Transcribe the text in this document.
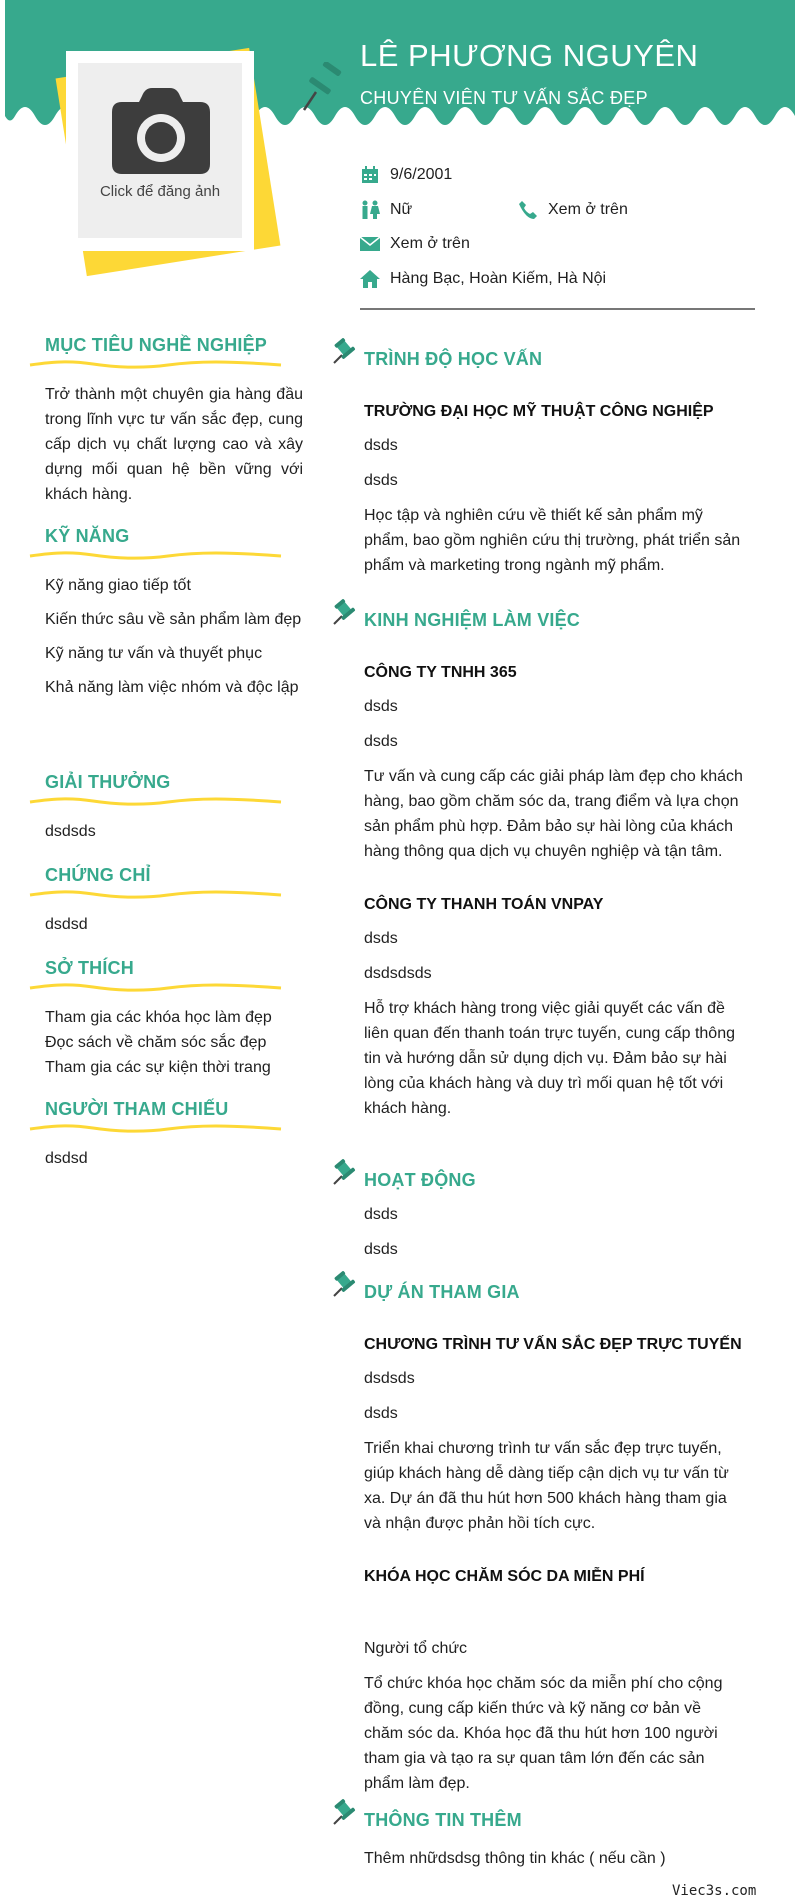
LÊ PHƯƠNG NGUYÊN
CHUYÊN VIÊN TƯ VẤN SẮC ĐẸP
Click để đăng ảnh
9/6/2001
Nữ	Xem ở trên
Xem ở trên
Hàng Bạc, Hoàn Kiếm, Hà Nội
MỤC TIÊU NGHỀ NGHIỆP
Trở thành một chuyên gia hàng đầu trong lĩnh vực tư vấn sắc đẹp, cung cấp dịch vụ chất lượng cao và xây dựng mối quan hệ bền vững với khách hàng.
KỸ NĂNG
Kỹ năng giao tiếp tốt
Kiến thức sâu về sản phẩm làm đẹp
Kỹ năng tư vấn và thuyết phục
Khả năng làm việc nhóm và độc lập
GIẢI THƯỞNG
dsdsds
CHỨNG CHỈ
dsdsd
SỞ THÍCH
Tham gia các khóa học làm đẹp
Đọc sách về chăm sóc sắc đẹp
Tham gia các sự kiện thời trang
NGƯỜI THAM CHIẾU
dsdsd
TRÌNH ĐỘ HỌC VẤN
TRƯỜNG ĐẠI HỌC MỸ THUẬT CÔNG NGHIỆP
dsds
dsds
Học tập và nghiên cứu về thiết kế sản phẩm mỹ phẩm, bao gồm nghiên cứu thị trường, phát triển sản phẩm và marketing trong ngành mỹ phẩm.
KINH NGHIỆM LÀM VIỆC
CÔNG TY TNHH 365
dsds
dsds
Tư vấn và cung cấp các giải pháp làm đẹp cho khách hàng, bao gồm chăm sóc da, trang điểm và lựa chọn sản phẩm phù hợp. Đảm bảo sự hài lòng của khách hàng thông qua dịch vụ chuyên nghiệp và tận tâm.
CÔNG TY THANH TOÁN VNPAY
dsds
dsdsdsds
Hỗ trợ khách hàng trong việc giải quyết các vấn đề liên quan đến thanh toán trực tuyến, cung cấp thông tin và hướng dẫn sử dụng dịch vụ. Đảm bảo sự hài lòng của khách hàng và duy trì mối quan hệ tốt với khách hàng.
HOẠT ĐỘNG
dsds
dsds
DỰ ÁN THAM GIA
CHƯƠNG TRÌNH TƯ VẤN SẮC ĐẸP TRỰC TUYẾN
dsdsds
dsds
Triển khai chương trình tư vấn sắc đẹp trực tuyến, giúp khách hàng dễ dàng tiếp cận dịch vụ tư vấn từ xa. Dự án đã thu hút hơn 500 khách hàng tham gia và nhận được phản hồi tích cực.
KHÓA HỌC CHĂM SÓC DA MIỄN PHÍ
Người tổ chức
Tổ chức khóa học chăm sóc da miễn phí cho cộng đồng, cung cấp kiến thức và kỹ năng cơ bản về chăm sóc da. Khóa học đã thu hút hơn 100 người tham gia và tạo ra sự quan tâm lớn đến các sản phẩm làm đẹp.
THÔNG TIN THÊM
Thêm nhữdsdsg thông tin khác ( nếu cần )
Viec3s.com
